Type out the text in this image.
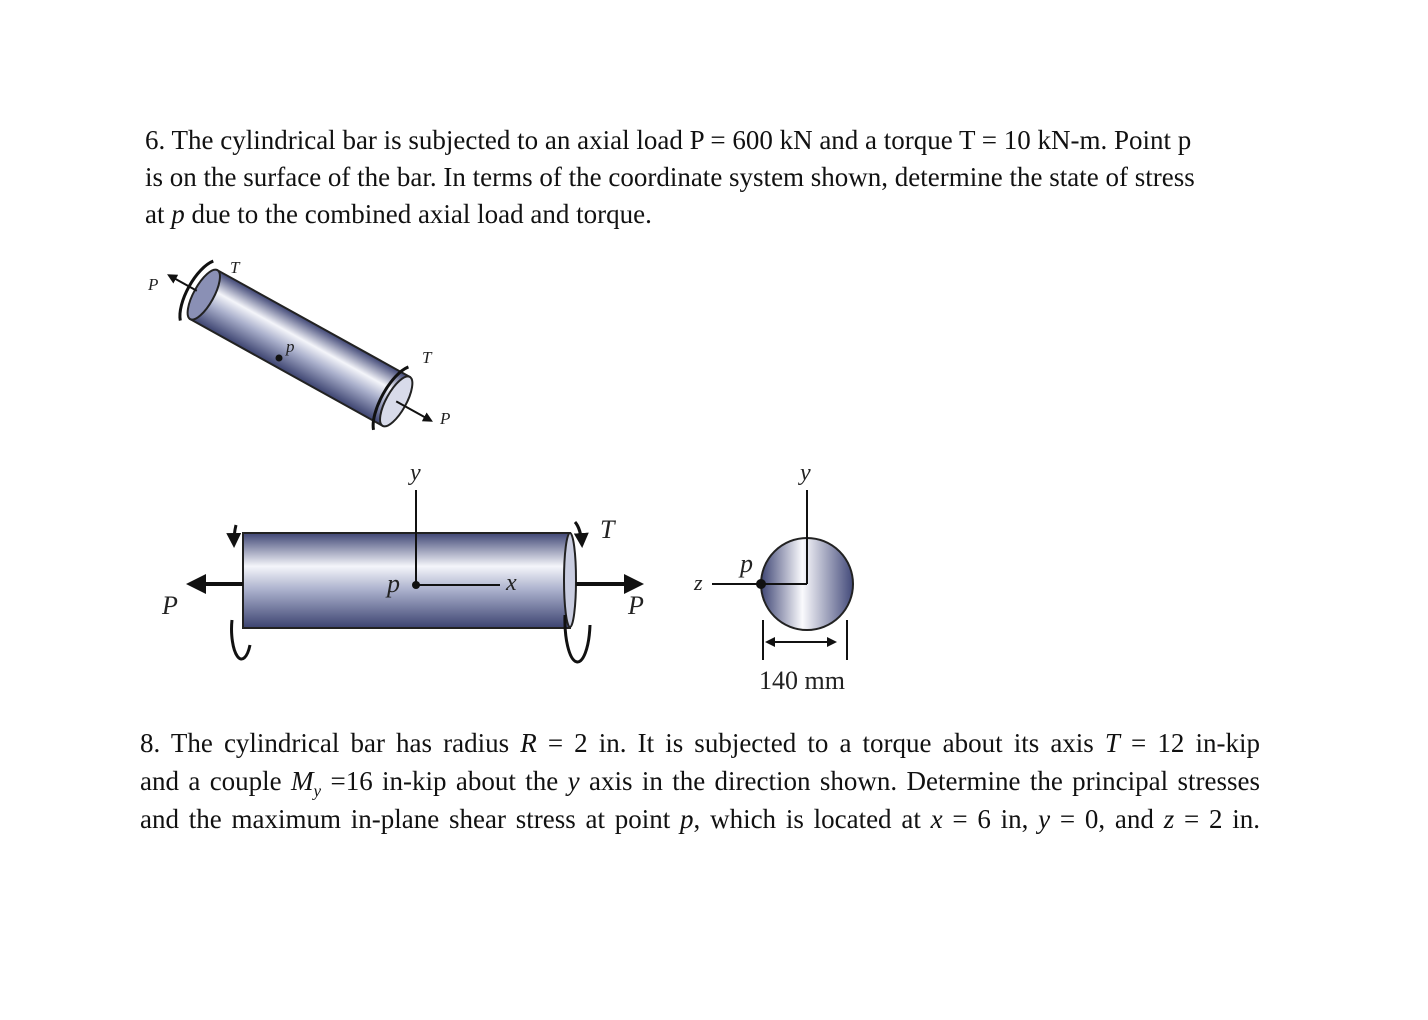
6. The cylindrical bar is subjected to an axial load P = 600 kN and a torque T = 10 kN-m. Point p
is on the surface of the bar. In terms of the coordinate system shown, determine the state of stress
at p due to the combined axial load and torque.
P
T
p
T
P
y
T
p	x
P	P
y
z
p
140 mm
8. The cylindrical bar has radius R = 2 in. It is subjected to a torque about its axis T = 12 in-kip
and a couple $M_y =16$ in-kip about the y axis in the direction shown. Determine the principal stresses
and the maximum in-plane shear stress at point p, which is located at x = 6 in, y = 0, and z = 2 in.
